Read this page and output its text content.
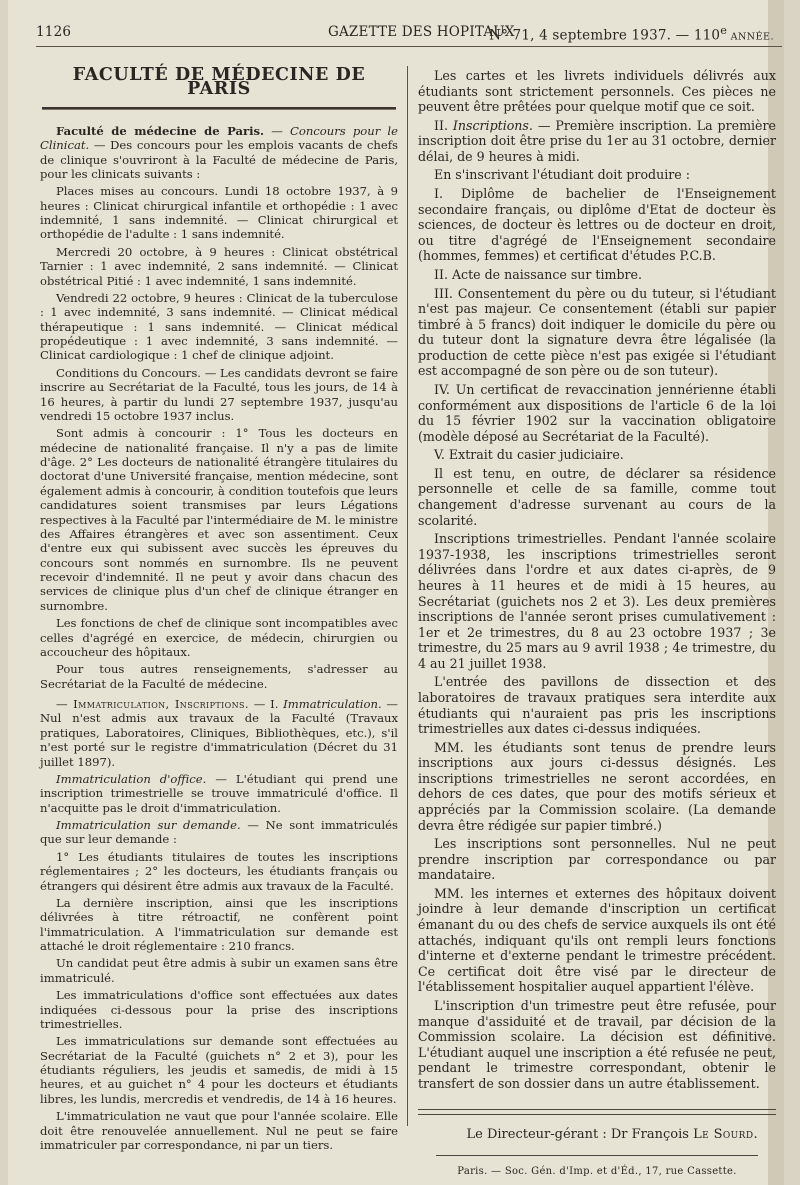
1126	GAZETTE DES HOPITAUX
N° 71, 4 septembre 1937. — 110e ANNÉE.
FACULTÉ DE MÉDECINE DE PARIS

Faculté de médecine de Paris. — Concours pour le Clinicat. — Des concours pour les emplois vacants de chefs de clinique s'ouvriront à la Faculté de médecine de Paris, pour les clinicats suivants :

Places mises au concours. Lundi 18 octobre 1937, à 9 heures : Clinicat chirurgical infantile et orthopédie : 1 avec indemnité, 1 sans indemnité. — Clinicat chirurgical et orthopédie de l'adulte : 1 sans indemnité.

Mercredi 20 octobre, à 9 heures : Clinicat obstétrical Tarnier : 1 avec indemnité, 2 sans indemnité. — Clinicat obstétrical Pitié : 1 avec indemnité, 1 sans indemnité.

Vendredi 22 octobre, 9 heures : Clinicat de la tuberculose : 1 avec indemnité, 3 sans indemnité. — Clinicat médical thérapeutique : 1 sans indemnité. — Clinicat médical propédeutique : 1 avec indemnité, 3 sans indemnité. — Clinicat cardiologique : 1 chef de clinique adjoint.

Conditions du Concours. — Les candidats devront se faire inscrire au Secrétariat de la Faculté, tous les jours, de 14 à 16 heures, à partir du lundi 27 septembre 1937, jusqu'au vendredi 15 octobre 1937 inclus.

Sont admis à concourir : 1° Tous les docteurs en médecine de nationalité française. Il n'y a pas de limite d'âge. 2° Les docteurs de nationalité étrangère titulaires du doctorat d'une Université française, mention médecine, sont également admis à concourir, à condition toutefois que leurs candidatures soient transmises par leurs Légations respectives à la Faculté par l'intermédiaire de M. le ministre des Affaires étrangères et avec son assentiment. Ceux d'entre eux qui subissent avec succès les épreuves du concours sont nommés en surnombre. Ils ne peuvent recevoir d'indemnité. Il ne peut y avoir dans chacun des services de clinique plus d'un chef de clinique étranger en surnombre.

Les fonctions de chef de clinique sont incompatibles avec celles d'agrégé en exercice, de médecin, chirurgien ou accoucheur des hôpitaux.

Pour tous autres renseignements, s'adresser au Secrétariat de la Faculté de médecine.

— Immatriculation, Inscriptions. — I. Immatriculation. — Nul n'est admis aux travaux de la Faculté (Travaux pratiques, Laboratoires, Cliniques, Bibliothèques, etc.), s'il n'est porté sur le registre d'immatriculation (Décret du 31 juillet 1897).

Immatriculation d'office. — L'étudiant qui prend une inscription trimestrielle se trouve immatriculé d'office. Il n'acquitte pas le droit d'immatriculation.

Immatriculation sur demande. — Ne sont immatriculés que sur leur demande :

1° Les étudiants titulaires de toutes les inscriptions réglementaires ; 2° les docteurs, les étudiants français ou étrangers qui désirent être admis aux travaux de la Faculté.

La dernière inscription, ainsi que les inscriptions délivrées à titre rétroactif, ne confèrent point l'immatriculation. A l'immatriculation sur demande est attaché le droit réglementaire : 210 francs.

Un candidat peut être admis à subir un examen sans être immatriculé.

Les immatriculations d'office sont effectuées aux dates indiquées ci-dessous pour la prise des inscriptions trimestrielles.

Les immatriculations sur demande sont effectuées au Secrétariat de la Faculté (guichets n° 2 et 3), pour les étudiants réguliers, les jeudis et samedis, de midi à 15 heures, et au guichet n° 4 pour les docteurs et étudiants libres, les lundis, mercredis et vendredis, de 14 à 16 heures.

L'immatriculation ne vaut que pour l'année scolaire. Elle doit être renouvelée annuellement. Nul ne peut se faire immatriculer par correspondance, ni par un tiers.

Les cartes et les livrets individuels délivrés aux étudiants sont strictement personnels. Ces pièces ne peuvent être prêtées pour quelque motif que ce soit.

II. Inscriptions. — Première inscription. La première inscription doit être prise du 1er au 31 octobre, dernier délai, de 9 heures à midi.

En s'inscrivant l'étudiant doit produire :

I. Diplôme de bachelier de l'Enseignement secondaire français, ou diplôme d'Etat de docteur ès sciences, de docteur ès lettres ou de docteur en droit, ou titre d'agrégé de l'Enseignement secondaire (hommes, femmes) et certificat d'études P.C.B.

II. Acte de naissance sur timbre.

III. Consentement du père ou du tuteur, si l'étudiant n'est pas majeur. Ce consentement (établi sur papier timbré à 5 francs) doit indiquer le domicile du père ou du tuteur dont la signature devra être légalisée (la production de cette pièce n'est pas exigée si l'étudiant est accompagné de son père ou de son tuteur).

IV. Un certificat de revaccination jennérienne établi conformément aux dispositions de l'article 6 de la loi du 15 février 1902 sur la vaccination obligatoire (modèle déposé au Secrétariat de la Faculté).

V. Extrait du casier judiciaire.

Il est tenu, en outre, de déclarer sa résidence personnelle et celle de sa famille, comme tout changement d'adresse survenant au cours de la scolarité.

Inscriptions trimestrielles. Pendant l'année scolaire 1937-1938, les inscriptions trimestrielles seront délivrées dans l'ordre et aux dates ci-après, de 9 heures à 11 heures et de midi à 15 heures, au Secrétariat (guichets nos 2 et 3). Les deux premières inscriptions de l'année seront prises cumulativement : 1er et 2e trimestres, du 8 au 23 octobre 1937 ; 3e trimestre, du 25 mars au 9 avril 1938 ; 4e trimestre, du 4 au 21 juillet 1938.

L'entrée des pavillons de dissection et des laboratoires de travaux pratiques sera interdite aux étudiants qui n'auraient pas pris les inscriptions trimestrielles aux dates ci-dessus indiquées.

MM. les étudiants sont tenus de prendre leurs inscriptions aux jours ci-dessus désignés. Les inscriptions trimestrielles ne seront accordées, en dehors de ces dates, que pour des motifs sérieux et appréciés par la Commission scolaire. (La demande devra être rédigée sur papier timbré.)

Les inscriptions sont personnelles. Nul ne peut prendre inscription par correspondance ou par mandataire.

MM. les internes et externes des hôpitaux doivent joindre à leur demande d'inscription un certificat émanant du ou des chefs de service auxquels ils ont été attachés, indiquant qu'ils ont rempli leurs fonctions d'interne et d'externe pendant le trimestre précédent. Ce certificat doit être visé par le directeur de l'établissement hospitalier auquel appartient l'élève.

L'inscription d'un trimestre peut être refusée, pour manque d'assiduité et de travail, par décision de la Commission scolaire. La décision est définitive. L'étudiant auquel une inscription a été refusée ne peut, pendant le trimestre correspondant, obtenir le transfert de son dossier dans un autre établissement.

Le Directeur-gérant : Dr François Le Sourd.
Paris. — Soc. Gén. d'Imp. et d'Éd., 17, rue Cassette.
